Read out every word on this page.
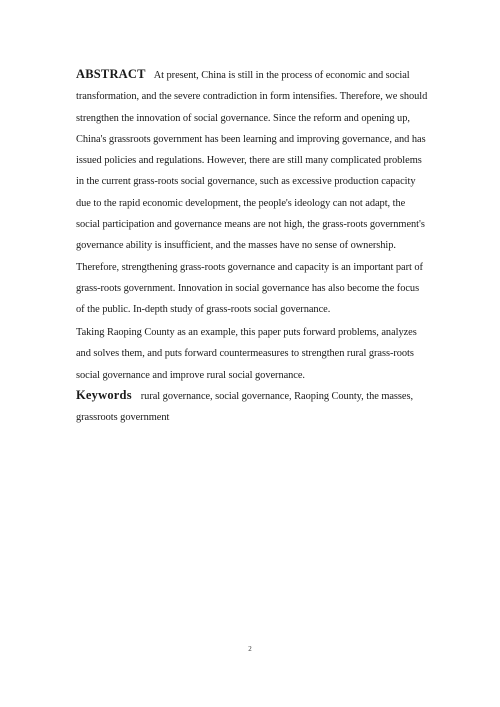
ABSTRACT At present, China is still in the process of economic and social transformation, and the severe contradiction in form intensifies. Therefore, we should strengthen the innovation of social governance. Since the reform and opening up, China's grassroots government has been learning and improving governance, and has issued policies and regulations. However, there are still many complicated problems in the current grass-roots social governance, such as excessive production capacity due to the rapid economic development, the people's ideology can not adapt, the social participation and governance means are not high, the grass-roots government's governance ability is insufficient, and the masses have no sense of ownership. Therefore, strengthening grass-roots governance and capacity is an important part of grass-roots government. Innovation in social governance has also become the focus of the public. In-depth study of grass-roots social governance.
Taking Raoping County as an example, this paper puts forward problems, analyzes and solves them, and puts forward countermeasures to strengthen rural grass-roots social governance and improve rural social governance.
Keywords rural governance, social governance, Raoping County, the masses, grassroots government
2
